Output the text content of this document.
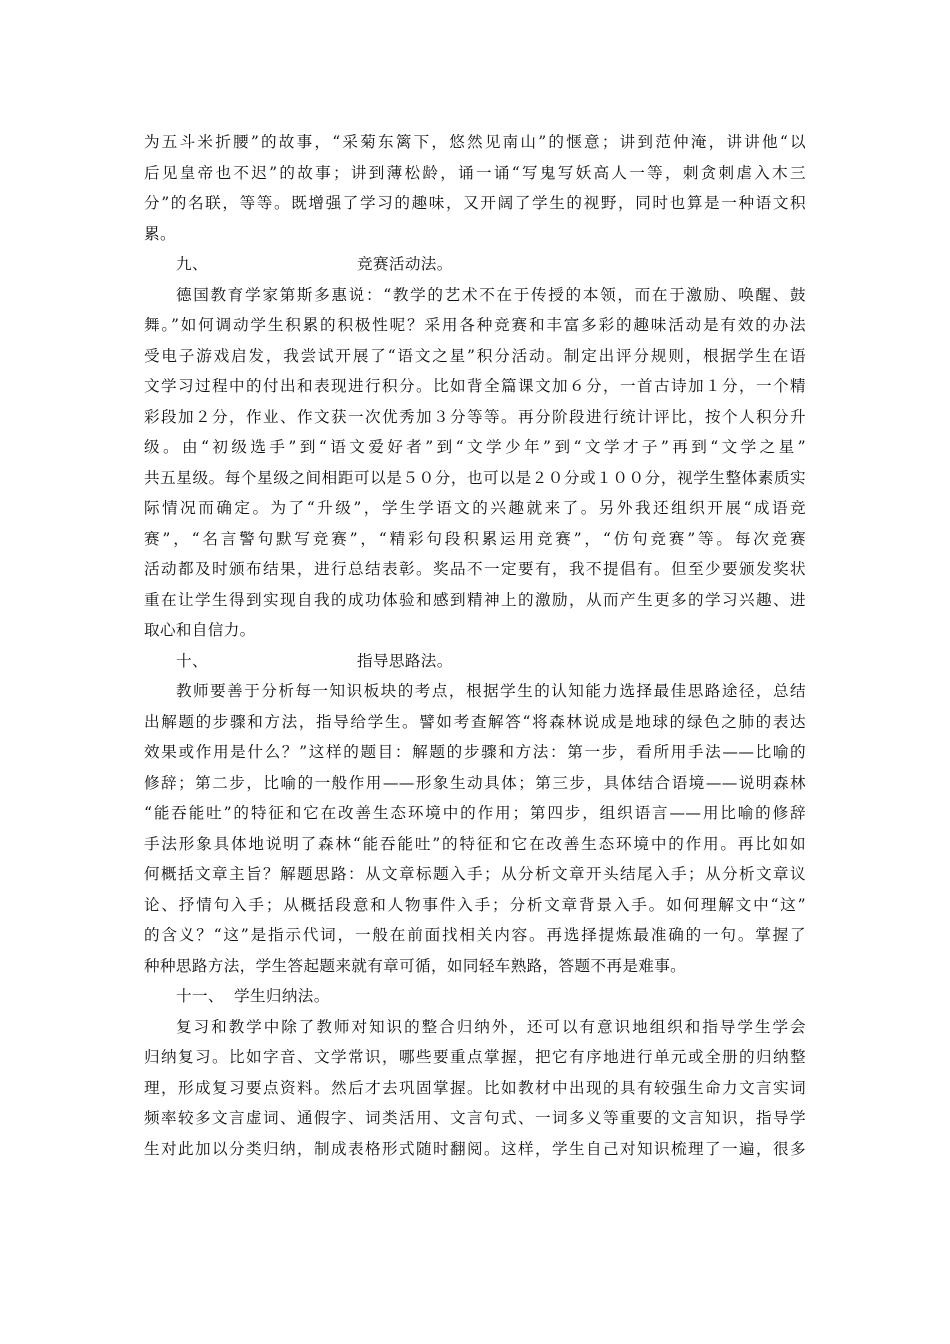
为五斗米折腰”的故事，“采菊东篱下，悠然见南山”的惬意；讲到范仲淹，讲讲他“以
后见皇帝也不迟”的故事；讲到薄松龄，诵一诵“写鬼写妖高人一等，刺贪刺虐入木三
分”的名联，等等。既增强了学习的趣味，又开阔了学生的视野，同时也算是一种语文积
累。
九、	竞赛活动法。
德国教育学家第斯多惠说：“教学的艺术不在于传授的本领，而在于激励、唤醒、鼓
舞。”如何调动学生积累的积极性呢？采用各种竞赛和丰富多彩的趣味活动是有效的办法
受电子游戏启发，我尝试开展了“语文之星”积分活动。制定出评分规则，根据学生在语
文学习过程中的付出和表现进行积分。比如背全篇课文加６分，一首古诗加１分，一个精
彩段加２分，作业、作文获一次优秀加３分等等。再分阶段进行统计评比，按个人积分升
级。由“初级选手”到“语文爱好者”到“文学少年”到“文学才子”再到“文学之星”
共五星级。每个星级之间相距可以是５０分，也可以是２０分或１００分，视学生整体素质实
际情况而确定。为了“升级”，学生学语文的兴趣就来了。另外我还组织开展“成语竞
赛”，“名言警句默写竞赛”，“精彩句段积累运用竞赛”，“仿句竞赛”等。每次竞赛
活动都及时颁布结果，进行总结表彰。奖品不一定要有，我不提倡有。但至少要颁发奖状
重在让学生得到实现自我的成功体验和感到精神上的激励，从而产生更多的学习兴趣、进
取心和自信力。
十、	指导思路法。
教师要善于分析每一知识板块的考点，根据学生的认知能力选择最佳思路途径，总结
出解题的步骤和方法，指导给学生。譬如考查解答“将森林说成是地球的绿色之肺的表达
效果或作用是什么？”这样的题目：解题的步骤和方法：第一步，看所用手法——比喻的
修辞；第二步，比喻的一般作用——形象生动具体；第三步，具体结合语境——说明森林
“能吞能吐”的特征和它在改善生态环境中的作用；第四步，组织语言——用比喻的修辞
手法形象具体地说明了森林“能吞能吐”的特征和它在改善生态环境中的作用。再比如如
何概括文章主旨？解题思路：从文章标题入手；从分析文章开头结尾入手；从分析文章议
论、抒情句入手；从概括段意和人物事件入手；分析文章背景入手。如何理解文中“这”
的含义？“这”是指示代词，一般在前面找相关内容。再选择提炼最准确的一句。掌握了
种种思路方法，学生答起题来就有章可循，如同轻车熟路，答题不再是难事。
十一、 学生归纳法。
复习和教学中除了教师对知识的整合归纳外，还可以有意识地组织和指导学生学会
归纳复习。比如字音、文学常识，哪些要重点掌握，把它有序地进行单元或全册的归纳整
理，形成复习要点资料。然后才去巩固掌握。比如教材中出现的具有较强生命力文言实词
频率较多文言虚词、通假字、词类活用、文言句式、一词多义等重要的文言知识，指导学
生对此加以分类归纳，制成表格形式随时翻阅。这样，学生自己对知识梳理了一遍，很多
